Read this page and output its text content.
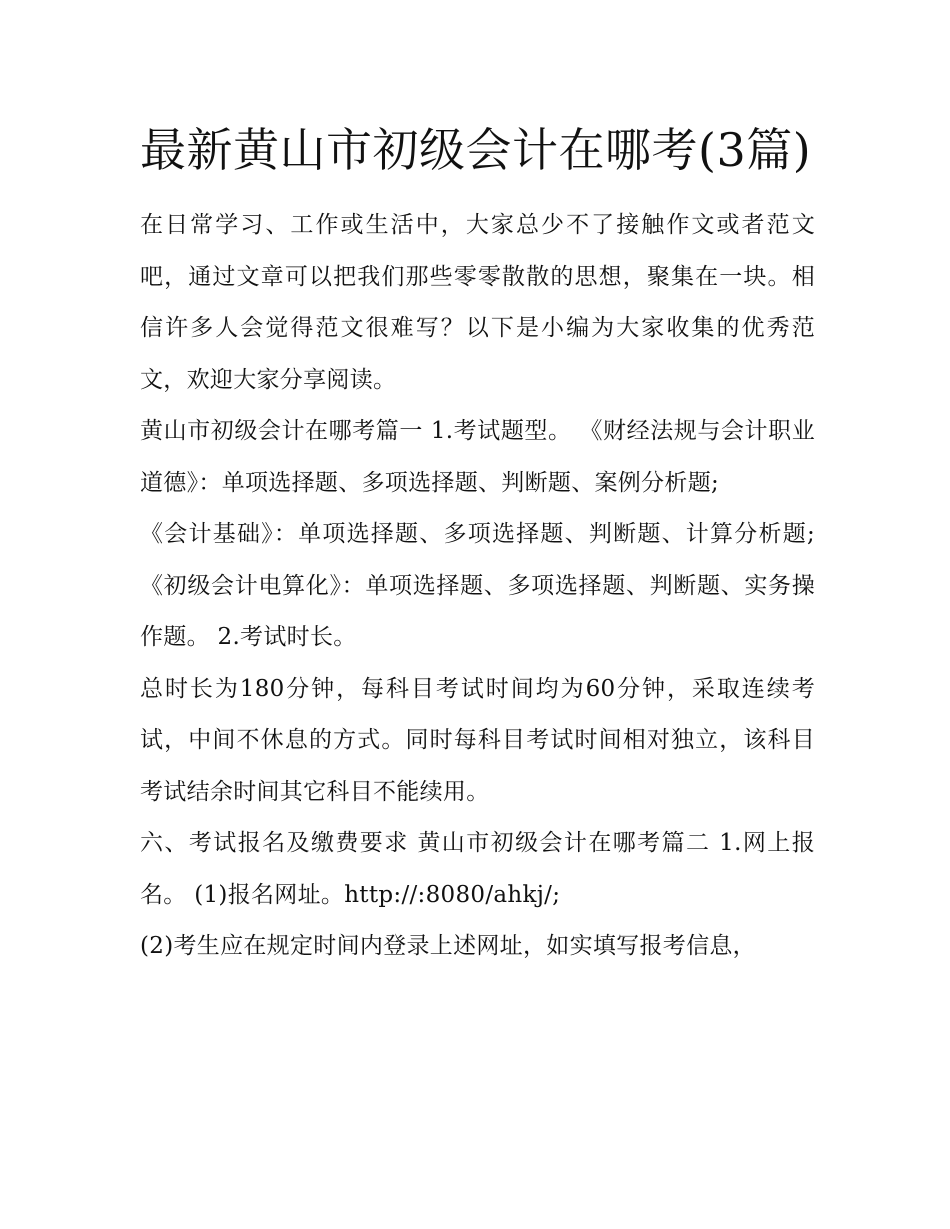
最新黄山市初级会计在哪考(3篇)

在日常学习、工作或生活中，大家总少不了接触作文或者范文吧，通过文章可以把我们那些零零散散的思想，聚集在一块。相信许多人会觉得范文很难写？以下是小编为大家收集的优秀范文，欢迎大家分享阅读。

黄山市初级会计在哪考篇一 1.考试题型。 《财经法规与会计职业道德》：单项选择题、多项选择题、判断题、案例分析题;

《会计基础》：单项选择题、多项选择题、判断题、计算分析题;《初级会计电算化》：单项选择题、多项选择题、判断题、实务操作题。 2.考试时长。

总时长为180分钟，每科目考试时间均为60分钟，采取连续考试，中间不休息的方式。同时每科目考试时间相对独立，该科目考试结余时间其它科目不能续用。

六、考试报名及缴费要求 黄山市初级会计在哪考篇二 1.网上报名。 (1)报名网址。http://:8080/ahkj/;

(2)考生应在规定时间内登录上述网址，如实填写报考信息，
